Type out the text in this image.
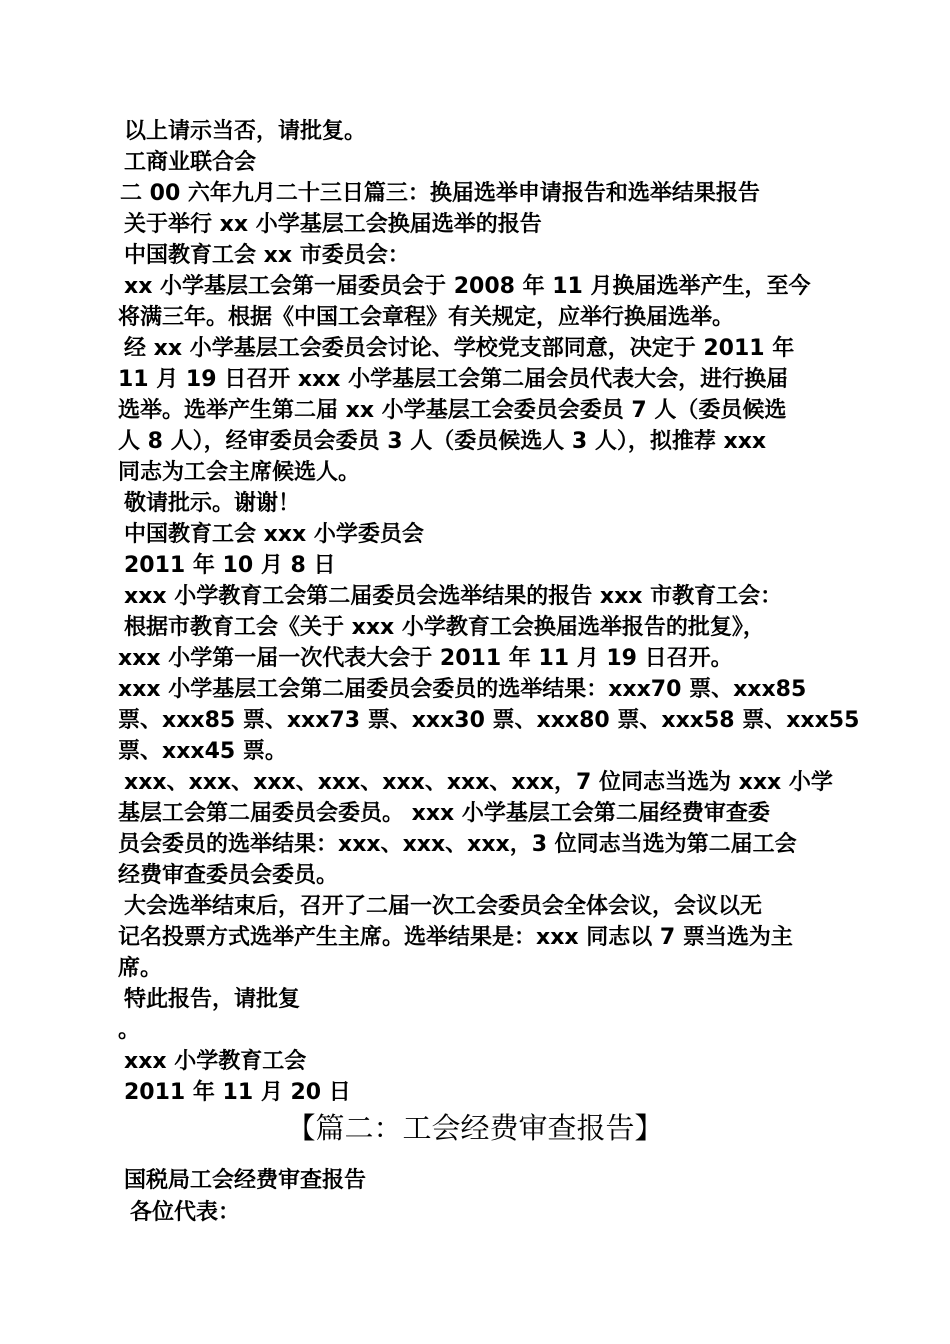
以上请示当否，请批复。
工商业联合会
二 00 六年九月二十三日篇三：换届选举申请报告和选举结果报告
关于举行 xx 小学基层工会换届选举的报告
中国教育工会 xx 市委员会：
xx 小学基层工会第一届委员会于 2008 年 11 月换届选举产生，至今
将满三年。根据《中国工会章程》有关规定，应举行换届选举。
经 xx 小学基层工会委员会讨论、学校党支部同意，决定于 2011 年
11 月 19 日召开 xxx 小学基层工会第二届会员代表大会，进行换届
选举。选举产生第二届 xx 小学基层工会委员会委员 7 人（委员候选
人 8 人），经审委员会委员 3 人（委员候选人 3 人），拟推荐 xxx
同志为工会主席候选人。
敬请批示。谢谢！
中国教育工会 xxx 小学委员会
2011 年 10 月 8 日
xxx 小学教育工会第二届委员会选举结果的报告 xxx 市教育工会：
根据市教育工会《关于 xxx 小学教育工会换届选举报告的批复》，
xxx 小学第一届一次代表大会于 2011 年 11 月 19 日召开。
xxx 小学基层工会第二届委员会委员的选举结果：xxx70 票、xxx85
票、xxx85 票、xxx73 票、xxx30 票、xxx80 票、xxx58 票、xxx55
票、xxx45 票。
xxx、xxx、xxx、xxx、xxx、xxx、xxx，7 位同志当选为 xxx 小学
基层工会第二届委员会委员。 xxx 小学基层工会第二届经费审查委
员会委员的选举结果：xxx、xxx、xxx，3 位同志当选为第二届工会
经费审查委员会委员。
大会选举结束后，召开了二届一次工会委员会全体会议，会议以无
记名投票方式选举产生主席。选举结果是：xxx 同志以 7 票当选为主
席。
特此报告，请批复
。
xxx 小学教育工会
2011 年 11 月 20 日
【篇二：工会经费审查报告】
国税局工会经费审查报告
各位代表：
